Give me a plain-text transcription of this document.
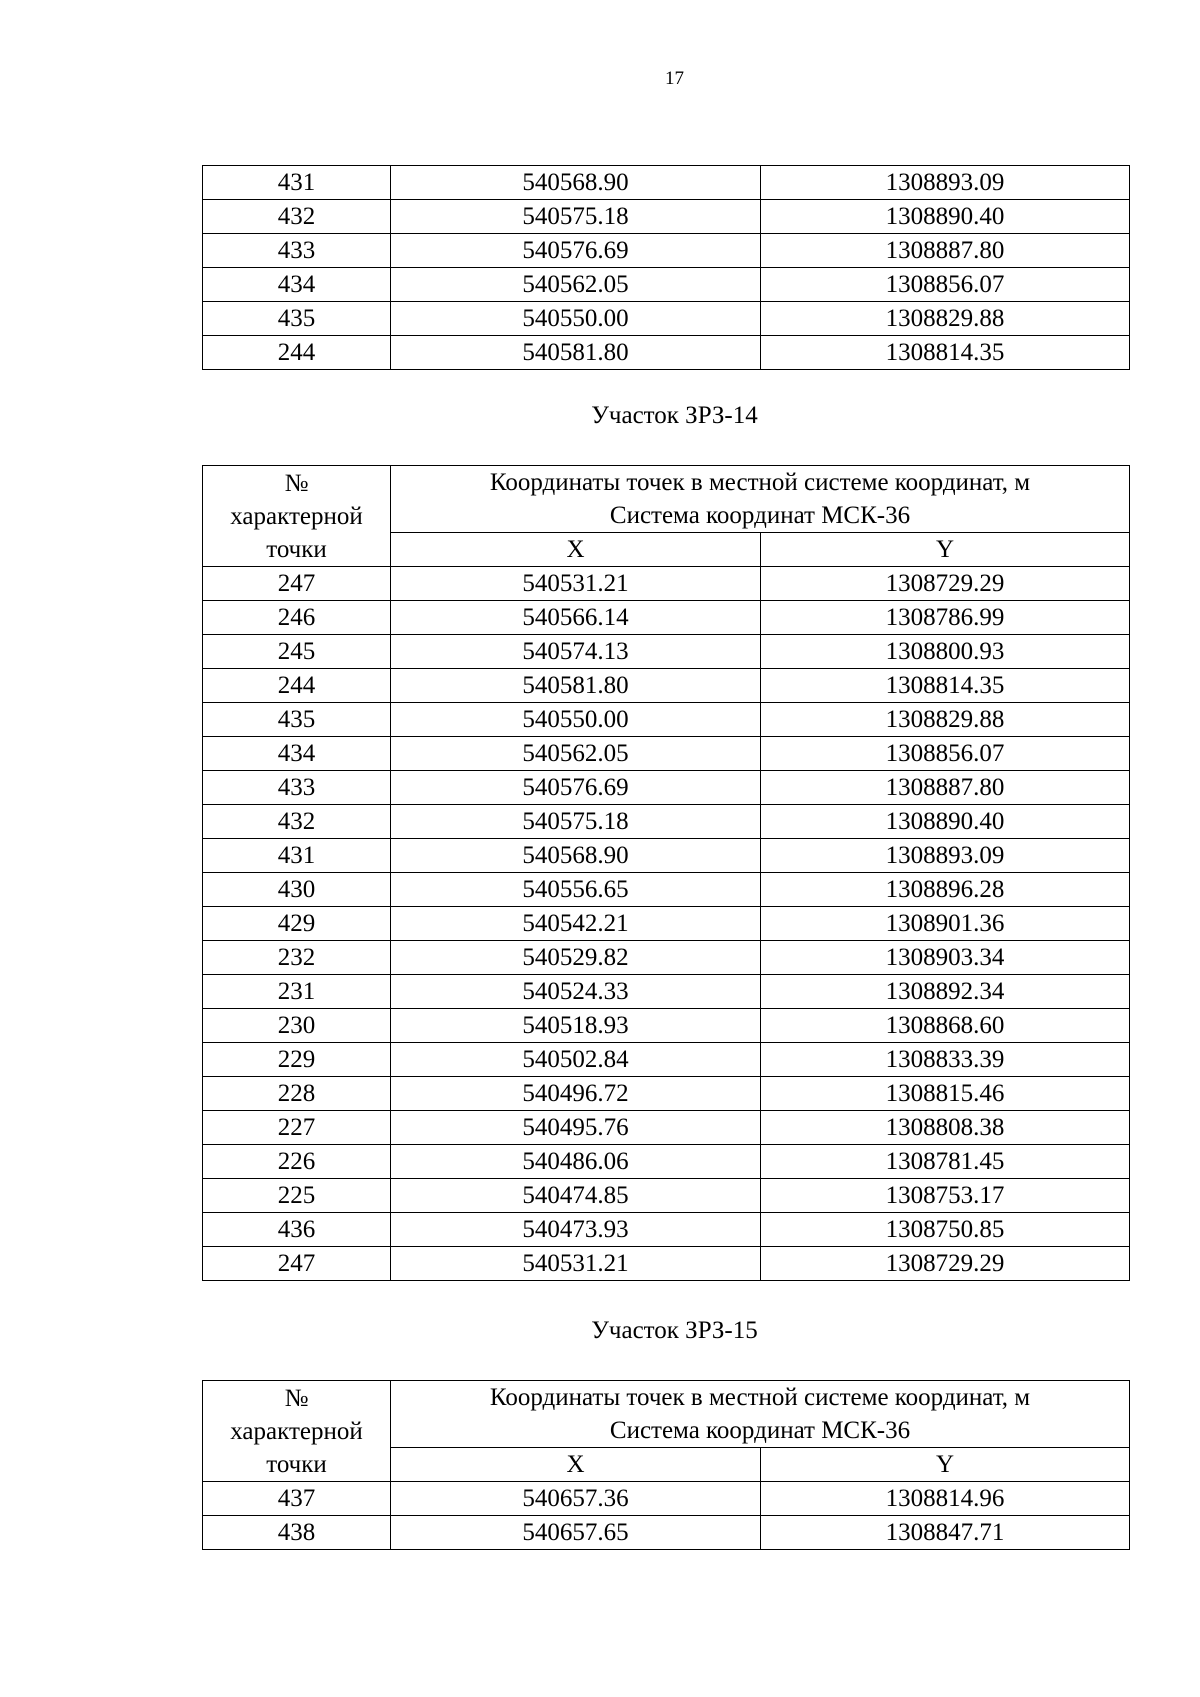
17
431	540568.90	1308893.09
432	540575.18	1308890.40
433	540576.69	1308887.80
434	540562.05	1308856.07
435	540550.00	1308829.88
244	540581.80	1308814.35
Участок ЗРЗ-14
№
характерной
точки	Координаты точек в местной системе координат, м
Система координат МСК-36	

	X	Y
247	540531.21	1308729.29
246	540566.14	1308786.99
245	540574.13	1308800.93
244	540581.80	1308814.35
435	540550.00	1308829.88
434	540562.05	1308856.07
433	540576.69	1308887.80
432	540575.18	1308890.40
431	540568.90	1308893.09
430	540556.65	1308896.28
429	540542.21	1308901.36
232	540529.82	1308903.34
231	540524.33	1308892.34
230	540518.93	1308868.60
229	540502.84	1308833.39
228	540496.72	1308815.46
227	540495.76	1308808.38
226	540486.06	1308781.45
225	540474.85	1308753.17
436	540473.93	1308750.85
247	540531.21	1308729.29
Участок ЗРЗ-15
№
характерной
точки	Координаты точек в местной системе координат, м
Система координат МСК-36	

	X	Y
437	540657.36	1308814.96
438	540657.65	1308847.71
